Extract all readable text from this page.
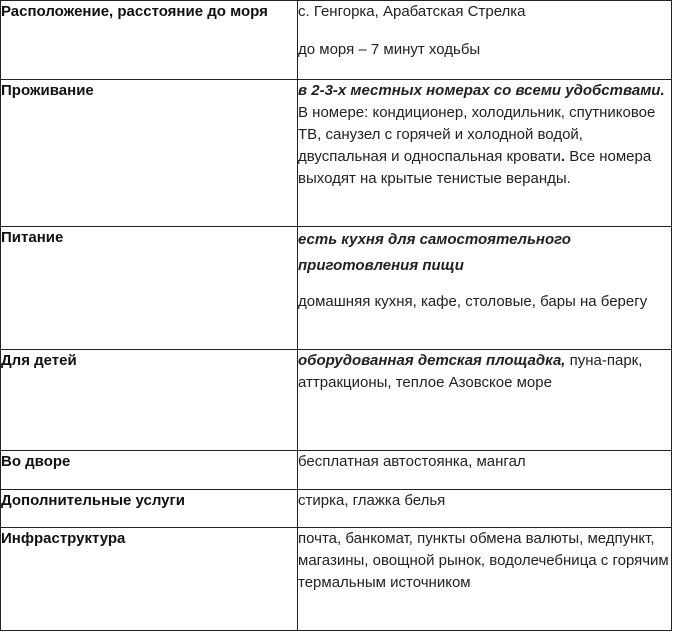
Расположение, расстояние до моря	с. Генгорка, Арабатская Стрелка

до моря – 7 минут ходьбы

Проживание	в 2-3-х местных номерах со всеми удобствами. В номере: кондиционер, холодильник, спутниковое ТВ, санузел с горячей и холодной водой, двуспальная и односпальная кровати. Все номера выходят на крытые тенистые веранды.

Питание	есть кухня для самостоятельного приготовления пищи

домашняя кухня, кафе, столовые, бары на берегу

Для детей	оборудованная детская площадка, пуна-парк, аттракционы, теплое Азовское море

Во дворе	бесплатная автостоянка, мангал

Дополнительные услуги	стирка, глажка белья

Инфраструктура	почта, банкомат, пункты обмена валюты, медпункт, магазины, овощной рынок, водолечебница с горячим термальным источником
